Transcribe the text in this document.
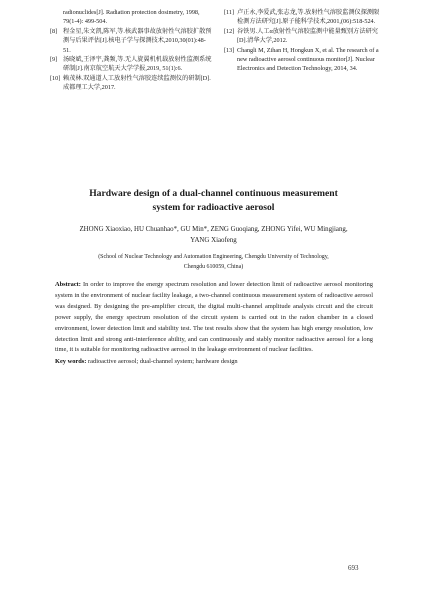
radionuclides[J]. Radiation protection dosimetry, 1998, 79(1-4): 499-504.
[8] 程金星,朱文凯,陈军,等.核武器事故放射性气溶胶扩散预测与后果评估[J].核电子学与探测技术,2010,30(01):48-51.
[9] 汤晓斌,王泽宇,龚频,等.无人旋翼机机载放射性监测系统研制[J].南京航空航天大学学报,2019, 51(1):6.
[10] 赖茂林.双通道人工放射性气溶胶连续监测仪的研制[D].成都理工大学,2017.
[11] 卢正永,李爱武,张志龙,等.放射性气溶胶监测仪探测限检测方法研究[J].原子能科学技术,2001,(06):518-524.
[12] 谷铁男.人工α放射性气溶胶监测中能量甄别方法研究[D].清华大学,2012.
[13] Changli M, Zihan H, Hongkun X, et al. The research of a new radioactive aerosol continuous monitor[J]. Nuclear Electronics and Detection Technology, 2014, 34.
Hardware design of a dual-channel continuous measurement
system for radioactive aerosol
ZHONG Xiaoxiao, HU Chuanhao*, GU Min*, ZENG Guoqiang, ZHONG Yifei, WU Mingjiang,
YANG Xiaofeng
(School of Nuclear Technology and Automation Engineering, Chengdu University of Technology,
Chengdu 610059, China)
Abstract: In order to improve the energy spectrum resolution and lower detection limit of radioactive aerosol monitoring system in the environment of nuclear facility leakage, a two-channel continuous measurement system of radioactive aerosol was designed. By designing the pre-amplifier circuit, the digital multi-channel amplitude analysis circuit and the circuit power supply, the energy spectrum resolution of the circuit system is carried out in the radon chamber in a closed environment, lower detection limit and stability test. The test results show that the system has high energy resolution, low detection limit and strong anti-interference ability, and can continuously and stably monitor radioactive aerosol for a long time, it is suitable for monitoring radioactive aerosol in the leakage environment of nuclear facilities.
Key words: radioactive aerosol; dual-channel system; hardware design
693
